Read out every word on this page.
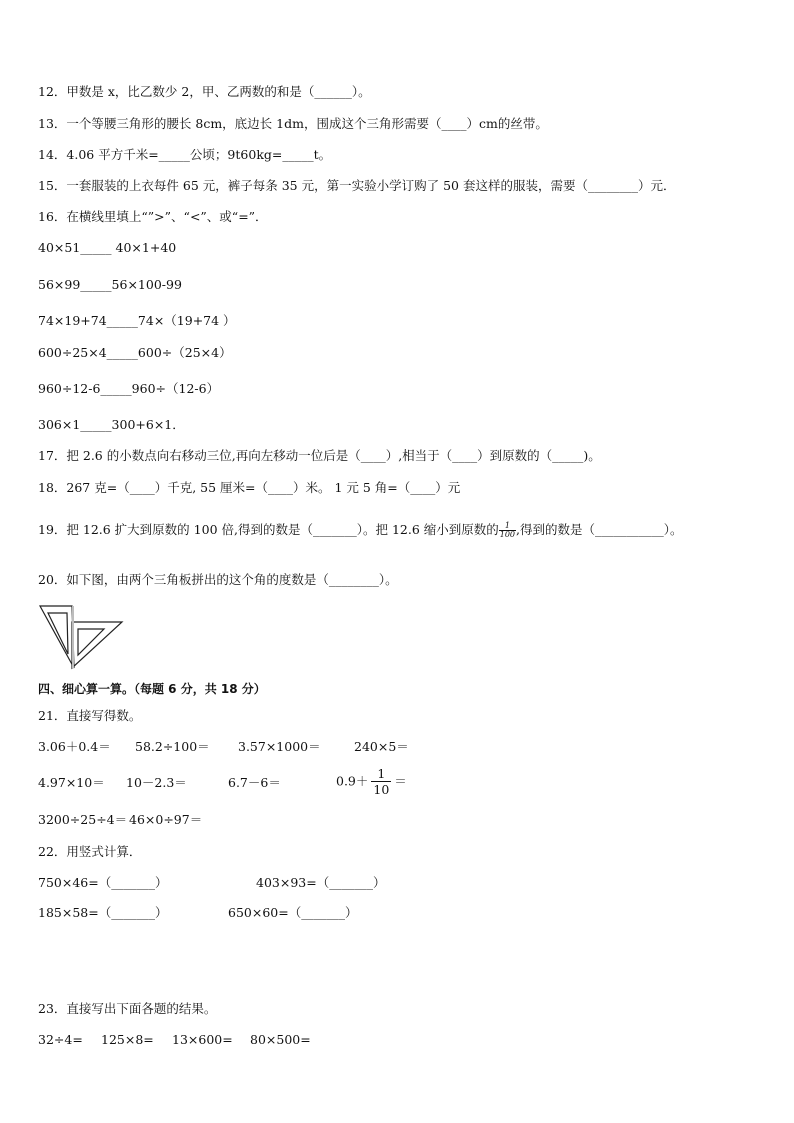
12．甲数是 x，比乙数少 2，甲、乙两数的和是（______）。
13．一个等腰三角形的腰长 8cm，底边长 1dm，围成这个三角形需要（____）cm的丝带。
14．4.06 平方千米=_____公顷；9t60kg=_____t。
15．一套服装的上衣每件 65 元，裤子每条 35 元，第一实验小学订购了 50 套这样的服装，需要（________）元．
16．在横线里填上“”>”、“<”、或“=”．
40×51_____ 40×1+40
56×99_____56×100-99
74×19+74_____74×（19+74 ）
600÷25×4_____600÷（25×4）
960÷12-6_____960÷（12-6）
306×1_____300+6×1．
17．把 2.6 的小数点向右移动三位,再向左移动一位后是（____）,相当于（____）到原数的（_____)。
18．267 克=（____）千克, 55 厘米=（____）米。 1 元 5 角=（____）元
19．把 12.6 扩大到原数的 100 倍,得到的数是（_______）。把 12.6 缩小到原数的 $\frac{1}{100}$ ,得到的数是（___________）。
20．如下图，由两个三角板拼出的这个角的度数是（________）。
四、细心算一算。（每题 6 分，共 18 分）
21．直接写得数。
3.06＋0.4＝ 58.2÷100＝ 3.57×1000＝	240×5＝
4.97×10＝ 10－2.3＝	6.7－6＝	$0.9+ \frac{1}{10}$ ＝
3200÷25÷4＝ 46×0÷97＝
22．用竖式计算．
750×46=（_______）	403×93=（_______）
185×58=（_______）	650×60=（_______）
23．直接写出下面各题的结果。
32÷4= 125×8= 13×600= 80×500=
